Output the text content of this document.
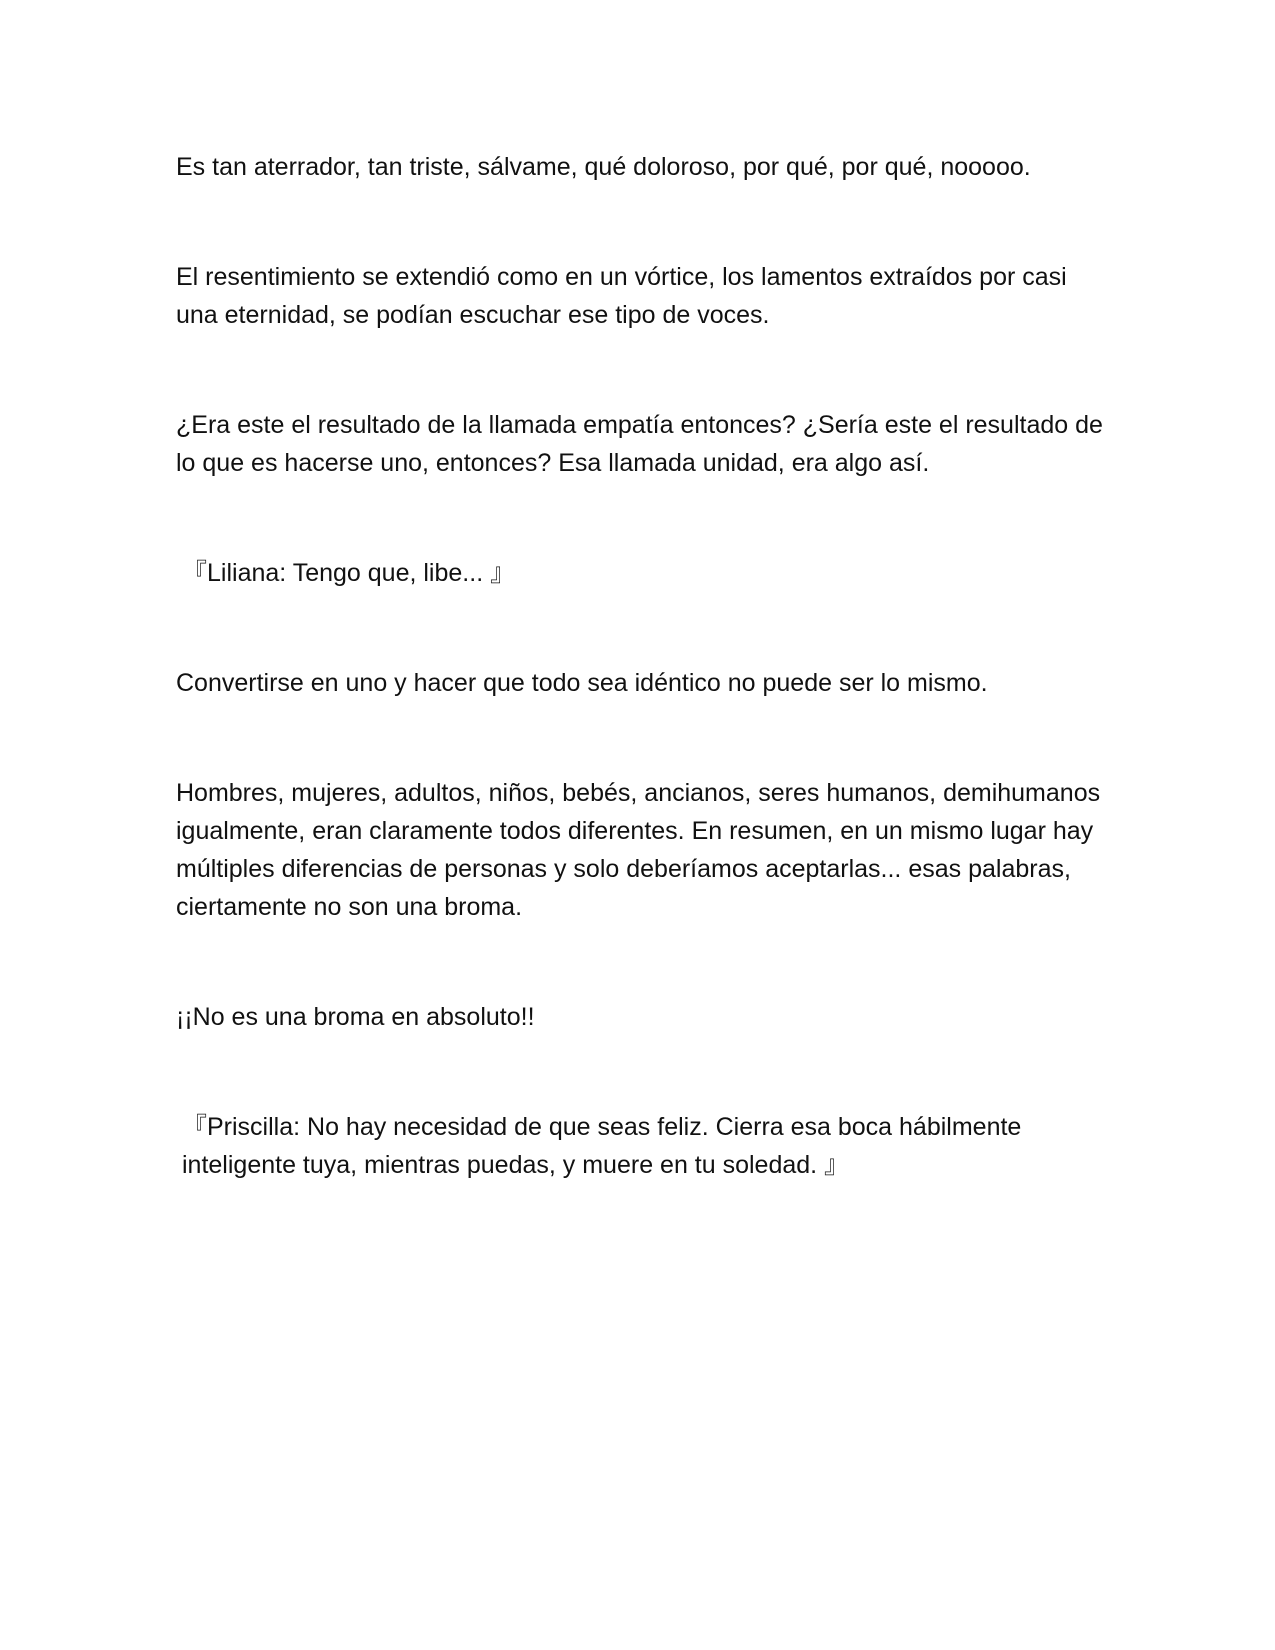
Es tan aterrador, tan triste, sálvame, qué doloroso, por qué, por qué, nooooo.

El resentimiento se extendió como en un vórtice, los lamentos extraídos por casi una eternidad, se podían escuchar ese tipo de voces.

¿Era este el resultado de la llamada empatía entonces? ¿Sería este el resultado de lo que es hacerse uno, entonces? Esa llamada unidad, era algo así.

『Liliana: Tengo que, libe... 』

Convertirse en uno y hacer que todo sea idéntico no puede ser lo mismo.

Hombres, mujeres, adultos, niños, bebés, ancianos, seres humanos, demihumanos igualmente, eran claramente todos diferentes. En resumen, en un mismo lugar hay múltiples diferencias de personas y solo deberíamos aceptarlas... esas palabras, ciertamente no son una broma.

¡¡No es una broma en absoluto!!

『Priscilla: No hay necesidad de que seas feliz. Cierra esa boca hábilmente inteligente tuya, mientras puedas, y muere en tu soledad. 』
